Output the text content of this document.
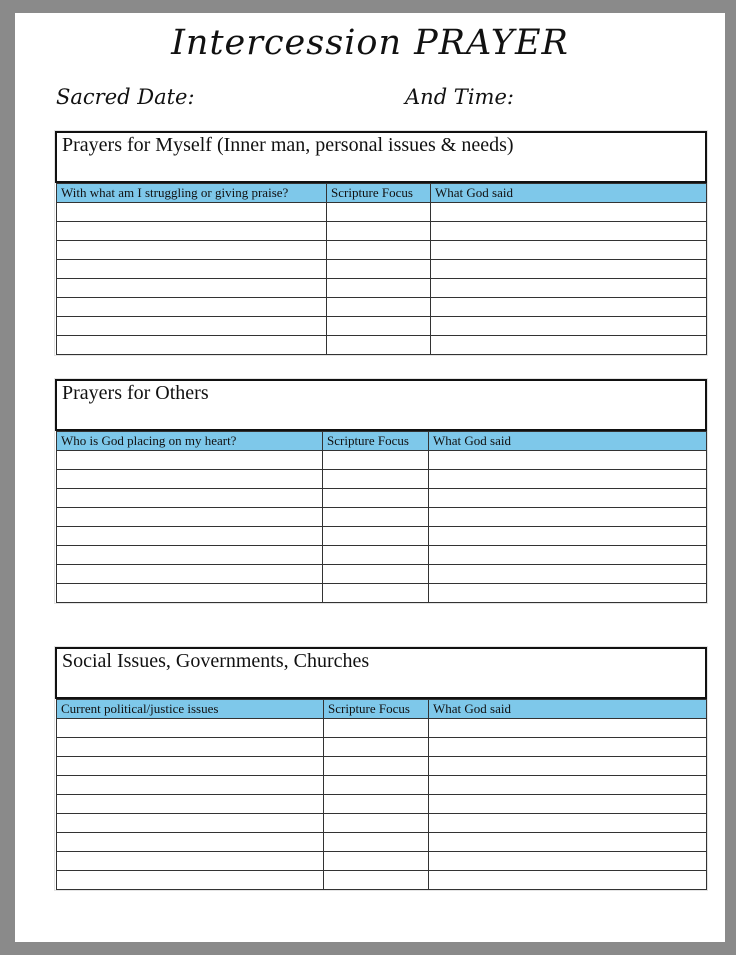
Intercession PRAYER
Sacred Date:	And Time:
Prayers for Myself (Inner man, personal issues & needs)
With what am I struggling or giving praise?	Scripture Focus	What God said

Prayers for Others
Who is God placing on my heart?	Scripture Focus	What God said

Social Issues, Governments, Churches
Current political/justice issues	Scripture Focus	What God said
